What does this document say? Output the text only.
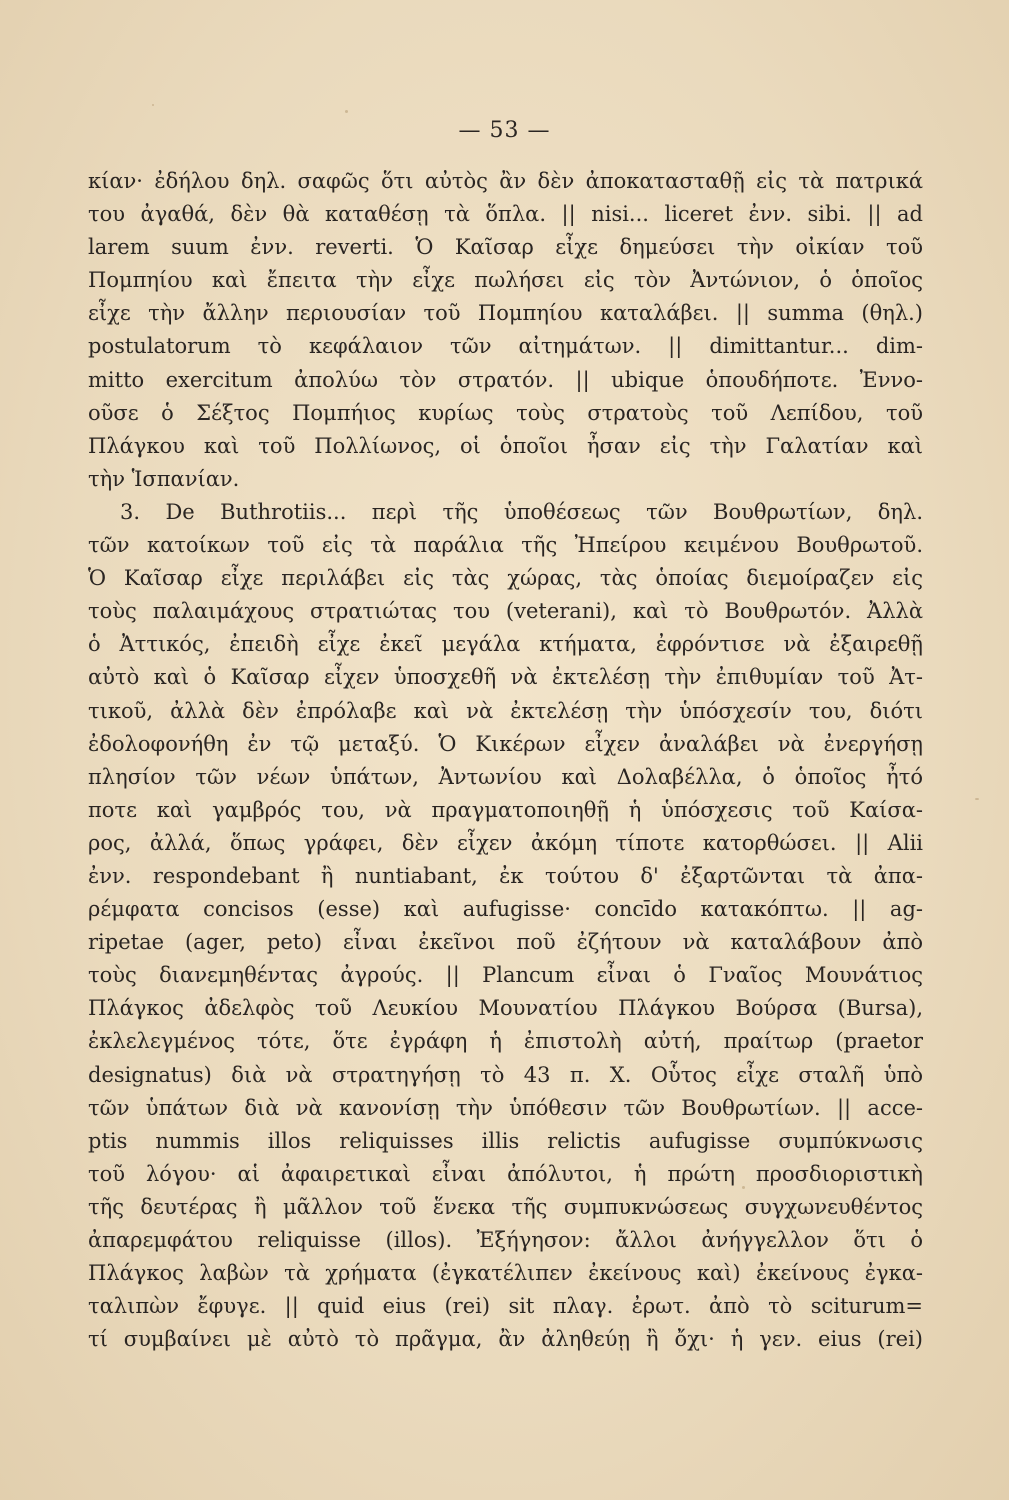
— 53 —
κίαν· ἐδήλου δηλ. σαφῶς ὅτι αὐτὸς ἂν δὲν ἀποκατασταθῇ εἰς τὰ πατρικά
του ἀγαθά, δὲν θὰ καταθέσῃ τὰ ὅπλα. || nisi... liceret ἐνν. sibi. || ad
larem suum ἐνν. reverti. Ὁ Καῖσαρ εἶχε δημεύσει τὴν οἰκίαν τοῦ
Πομπηίου καὶ ἔπειτα τὴν εἶχε πωλήσει εἰς τὸν Ἀντώνιον, ὁ ὁποῖος
εἶχε τὴν ἄλλην περιουσίαν τοῦ Πομπηίου καταλάβει. || summa (θηλ.)
postulatorum τὸ κεφάλαιον τῶν αἰτημάτων. || dimittantur... dim-
mitto exercitum ἀπολύω τὸν στρατόν. || ubique ὁπουδήποτε. Ἐννο-
οῦσε ὁ Σέξτος Πομπήιος κυρίως τοὺς στρατοὺς τοῦ Λεπίδου, τοῦ
Πλάγκου καὶ τοῦ Πολλίωνος, οἱ ὁποῖοι ἦσαν εἰς τὴν Γαλατίαν καὶ
τὴν Ἱσπανίαν.
3. De Buthrotiis... περὶ τῆς ὑποθέσεως τῶν Βουθρωτίων, δηλ.
τῶν κατοίκων τοῦ εἰς τὰ παράλια τῆς Ἠπείρου κειμένου Βουθρωτοῦ.
Ὁ Καῖσαρ εἶχε περιλάβει εἰς τὰς χώρας, τὰς ὁποίας διεμοίραζεν εἰς
τοὺς παλαιμάχους στρατιώτας του (veterani), καὶ τὸ Βουθρωτόν. Ἀλλὰ
ὁ Ἀττικός, ἐπειδὴ εἶχε ἐκεῖ μεγάλα κτήματα, ἐφρόντισε νὰ ἐξαιρεθῇ
αὐτὸ καὶ ὁ Καῖσαρ εἶχεν ὑποσχεθῆ νὰ ἐκτελέσῃ τὴν ἐπιθυμίαν τοῦ Ἀτ-
τικοῦ, ἀλλὰ δὲν ἐπρόλαβε καὶ νὰ ἐκτελέσῃ τὴν ὑπόσχεσίν του, διότι
ἐδολοφονήθη ἐν τῷ μεταξύ. Ὁ Κικέρων εἶχεν ἀναλάβει νὰ ἐνεργήσῃ
πλησίον τῶν νέων ὑπάτων, Ἀντωνίου καὶ Δολαβέλλα, ὁ ὁποῖος ἦτό
ποτε καὶ γαμβρός του, νὰ πραγματοποιηθῇ ἡ ὑπόσχεσις τοῦ Καίσα-
ρος, ἀλλά, ὅπως γράφει, δὲν εἶχεν ἀκόμη τίποτε κατορθώσει. || Alii
ἐνν. respondebant ἢ nuntiabant, ἐκ τούτου δ' ἐξαρτῶνται τὰ ἀπα-
ρέμφατα concisos (esse) καὶ aufugisse· concīdo κατακόπτω. || ag-
ripetae (ager, peto) εἶναι ἐκεῖνοι ποῦ ἐζήτουν νὰ καταλάβουν ἀπὸ
τοὺς διανεμηθέντας ἀγρούς. || Plancum εἶναι ὁ Γναῖος Μουνάτιος
Πλάγκος ἀδελφὸς τοῦ Λευκίου Μουνατίου Πλάγκου Βούρσα (Bursa),
ἐκλελεγμένος τότε, ὅτε ἐγράφη ἡ ἐπιστολὴ αὐτή, πραίτωρ (praetor
designatus) διὰ νὰ στρατηγήσῃ τὸ 43 π. Χ. Οὗτος εἶχε σταλῆ ὑπὸ
τῶν ὑπάτων διὰ νὰ κανονίσῃ τὴν ὑπόθεσιν τῶν Βουθρωτίων. || acce-
ptis nummis illos reliquisses illis relictis aufugisse συμπύκνωσις
τοῦ λόγου· αἱ ἀφαιρετικαὶ εἶναι ἀπόλυτοι, ἡ πρώτη προσδιοριστικὴ
τῆς δευτέρας ἢ μᾶλλον τοῦ ἕνεκα τῆς συμπυκνώσεως συγχωνευθέντος
ἀπαρεμφάτου reliquisse (illos). Ἐξήγησον: ἄλλοι ἀνήγγελλον ὅτι ὁ
Πλάγκος λαβὼν τὰ χρήματα (ἐγκατέλιπεν ἐκείνους καὶ) ἐκείνους ἐγκα-
ταλιπὼν ἔφυγε. || quid eius (rei) sit πλαγ. ἐρωτ. ἀπὸ τὸ sciturum=
τί συμβαίνει μὲ αὐτὸ τὸ πρᾶγμα, ἂν ἀληθεύῃ ἢ ὄχι· ἡ γεν. eius (rei)
